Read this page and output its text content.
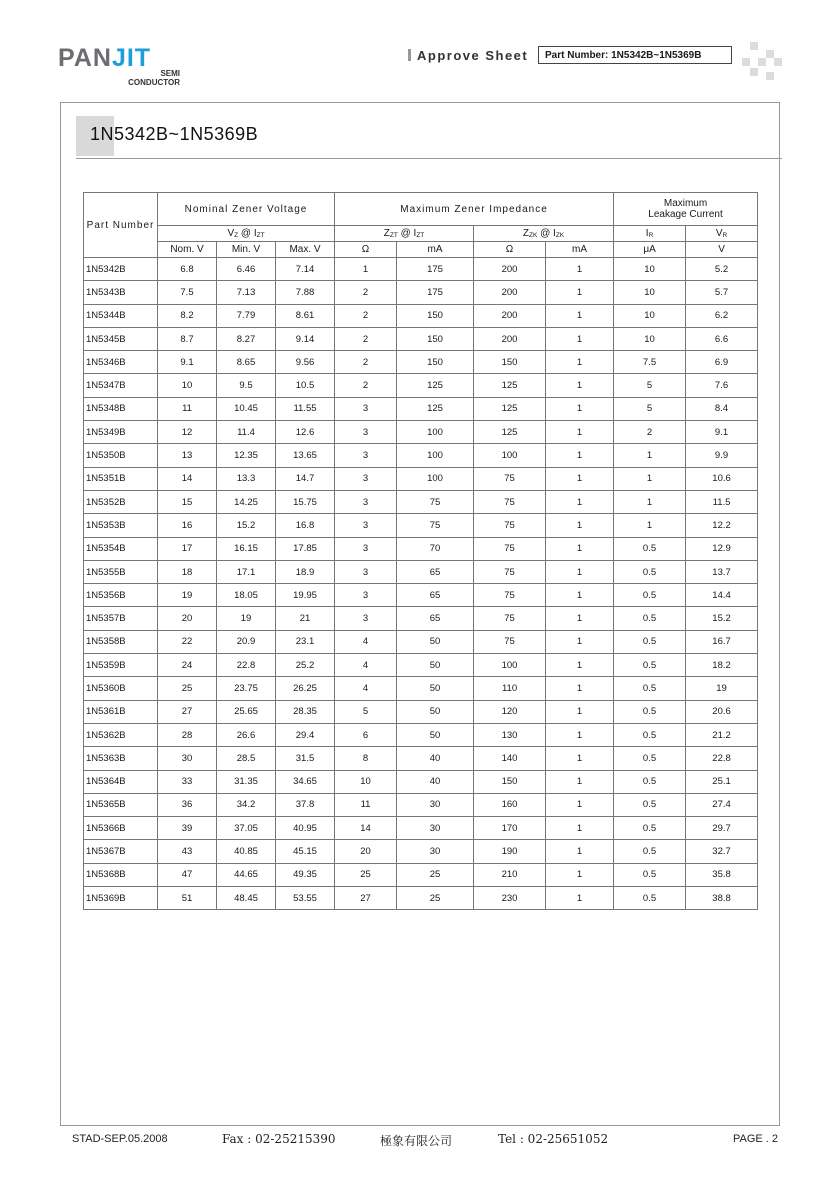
PANJIT
SEMI
CONDUCTOR
Approve Sheet	Part Number: 1N5342B~1N5369B
1N5342B~1N5369B
Part Number	Nominal Zener Voltage			Maximum Zener Impedance				Maximum
Leakage Current	

	$V_Z$ @ $I_{ZT}$			$Z_{ZT}$ @ $I_{ZT}$		$Z_{ZK}$ @ $I_{ZK}$		$I_R$	$V_R$
	Nom. V	Min. V	Max. V	Ω	mA	Ω	mA	μA	V
1N5342B	6.8	6.46	7.14	1	175	200	1	10	5.2
1N5343B	7.5	7.13	7.88	2	175	200	1	10	5.7
1N5344B	8.2	7.79	8.61	2	150	200	1	10	6.2
1N5345B	8.7	8.27	9.14	2	150	200	1	10	6.6
1N5346B	9.1	8.65	9.56	2	150	150	1	7.5	6.9
1N5347B	10	9.5	10.5	2	125	125	1	5	7.6
1N5348B	11	10.45	11.55	3	125	125	1	5	8.4
1N5349B	12	11.4	12.6	3	100	125	1	2	9.1
1N5350B	13	12.35	13.65	3	100	100	1	1	9.9
1N5351B	14	13.3	14.7	3	100	75	1	1	10.6
1N5352B	15	14.25	15.75	3	75	75	1	1	11.5
1N5353B	16	15.2	16.8	3	75	75	1	1	12.2
1N5354B	17	16.15	17.85	3	70	75	1	0.5	12.9
1N5355B	18	17.1	18.9	3	65	75	1	0.5	13.7
1N5356B	19	18.05	19.95	3	65	75	1	0.5	14.4
1N5357B	20	19	21	3	65	75	1	0.5	15.2
1N5358B	22	20.9	23.1	4	50	75	1	0.5	16.7
1N5359B	24	22.8	25.2	4	50	100	1	0.5	18.2
1N5360B	25	23.75	26.25	4	50	110	1	0.5	19
1N5361B	27	25.65	28.35	5	50	120	1	0.5	20.6
1N5362B	28	26.6	29.4	6	50	130	1	0.5	21.2
1N5363B	30	28.5	31.5	8	40	140	1	0.5	22.8
1N5364B	33	31.35	34.65	10	40	150	1	0.5	25.1
1N5365B	36	34.2	37.8	11	30	160	1	0.5	27.4
1N5366B	39	37.05	40.95	14	30	170	1	0.5	29.7
1N5367B	43	40.85	45.15	20	30	190	1	0.5	32.7
1N5368B	47	44.65	49.35	25	25	210	1	0.5	35.8
1N5369B	51	48.45	53.55	27	25	230	1	0.5	38.8
STAD-SEP.05.2008	Fax : 02-25215390	極象有限公司	Tel : 02-25651052	PAGE . 2
